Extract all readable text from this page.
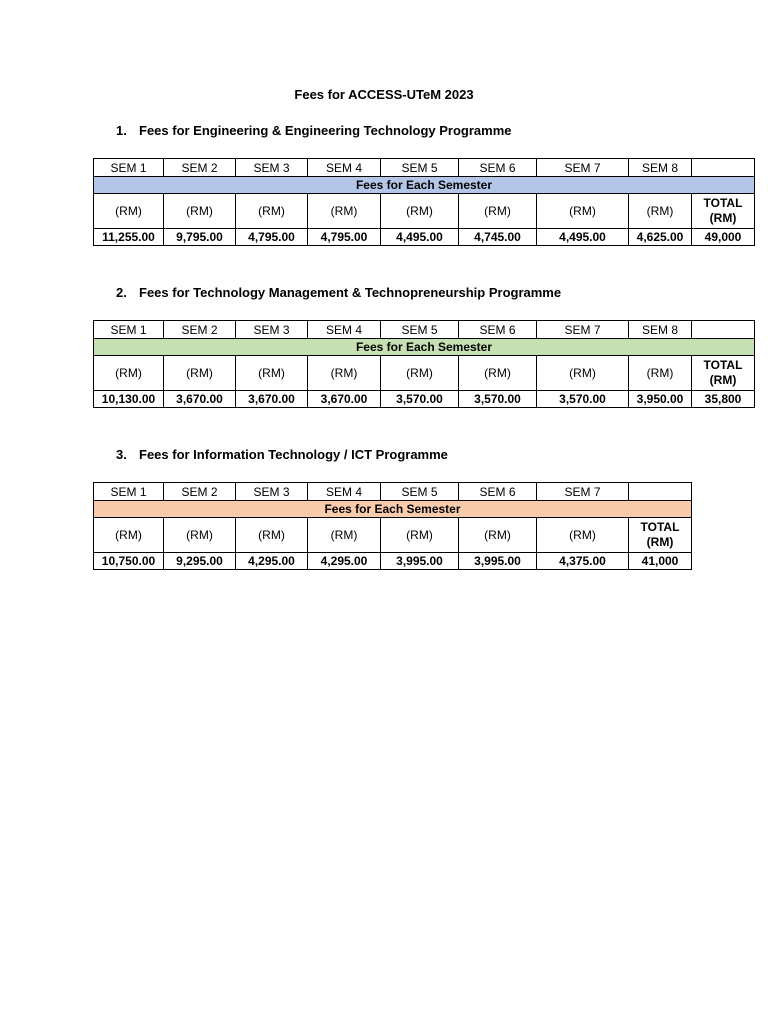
Fees for ACCESS-UTeM 2023
1. Fees for Engineering & Engineering Technology Programme
SEM 1	SEM 2	SEM 3	SEM 4	SEM 5	SEM 6	SEM 7	SEM 8	
Fees for Each Semester								
(RM)	(RM)	(RM)	(RM)	(RM)	(RM)	(RM)	(RM)	TOTAL (RM)
11,255.00	9,795.00	4,795.00	4,795.00	4,495.00	4,745.00	4,495.00	4,625.00	49,000
2. Fees for Technology Management & Technopreneurship Programme
SEM 1	SEM 2	SEM 3	SEM 4	SEM 5	SEM 6	SEM 7	SEM 8	
Fees for Each Semester								
(RM)	(RM)	(RM)	(RM)	(RM)	(RM)	(RM)	(RM)	TOTAL (RM)
10,130.00	3,670.00	3,670.00	3,670.00	3,570.00	3,570.00	3,570.00	3,950.00	35,800
3. Fees for Information Technology / ICT Programme
SEM 1	SEM 2	SEM 3	SEM 4	SEM 5	SEM 6	SEM 7	
Fees for Each Semester							
(RM)	(RM)	(RM)	(RM)	(RM)	(RM)	(RM)	TOTAL (RM)
10,750.00	9,295.00	4,295.00	4,295.00	3,995.00	3,995.00	4,375.00	41,000
